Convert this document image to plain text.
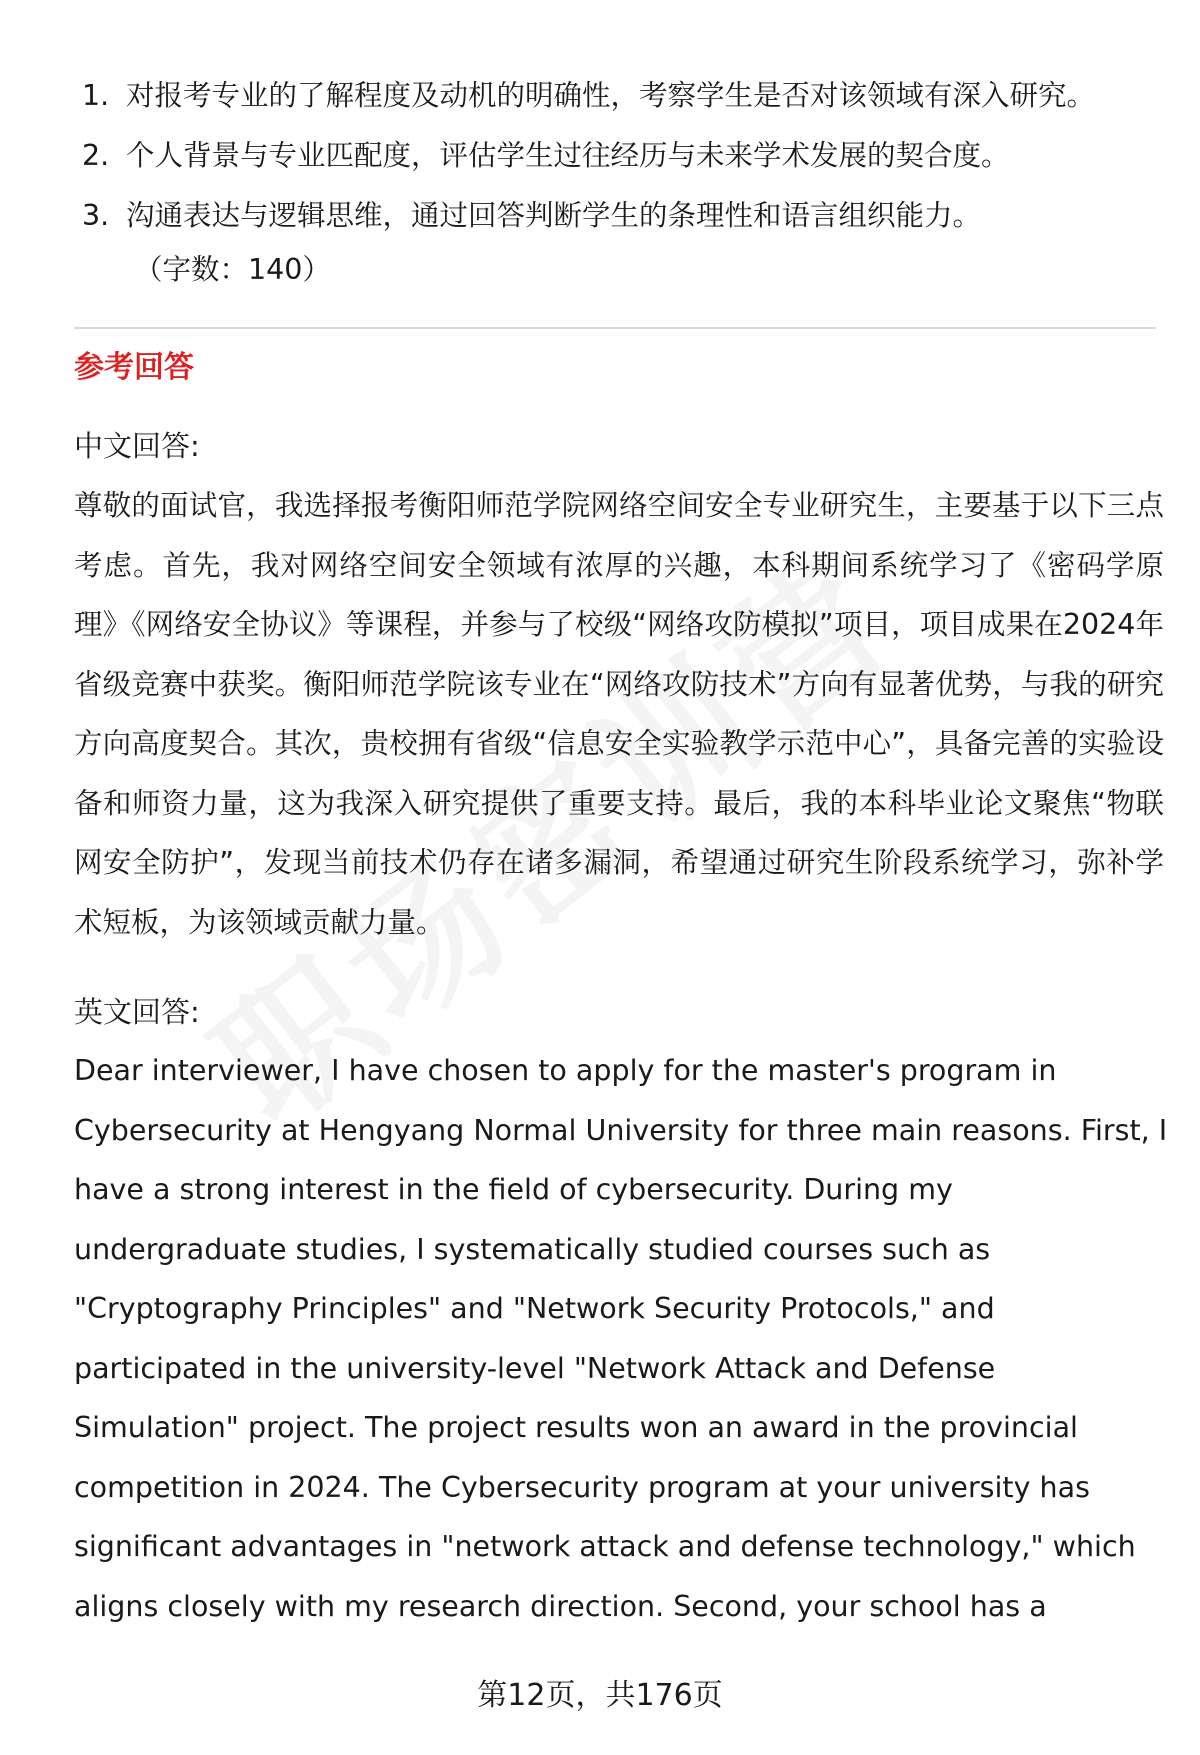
1. 对报考专业的了解程度及动机的明确性，考察学生是否对该领域有深入研究。
2. 个人背景与专业匹配度，评估学生过往经历与未来学术发展的契合度。
3. 沟通表达与逻辑思维，通过回答判断学生的条理性和语言组织能力。
（字数：140）
参考回答
中文回答:
尊敬的面试官，我选择报考衡阳师范学院网络空间安全专业研究生，主要基于以下三点考虑。首先，我对网络空间安全领域有浓厚的兴趣，本科期间系统学习了《密码学原理》《网络安全协议》等课程，并参与了校级“网络攻防模拟”项目，项目成果在2024年省级竞赛中获奖。衡阳师范学院该专业在“网络攻防技术”方向有显著优势，与我的研究方向高度契合。其次，贵校拥有省级“信息安全实验教学示范中心”，具备完善的实验设备和师资力量，这为我深入研究提供了重要支持。最后，我的本科毕业论文聚焦“物联网安全防护”，发现当前技术仍存在诸多漏洞，希望通过研究生阶段系统学习，弥补学术短板，为该领域贡献力量。
英文回答:
Dear interviewer, I have chosen to apply for the master's program in
Cybersecurity at Hengyang Normal University for three main reasons. First, I
have a strong interest in the field of cybersecurity. During my
undergraduate studies, I systematically studied courses such as
"Cryptography Principles" and "Network Security Protocols," and
participated in the university-level "Network Attack and Defense
Simulation" project. The project results won an award in the provincial
competition in 2024. The Cybersecurity program at your university has
significant advantages in "network attack and defense technology," which
aligns closely with my research direction. Second, your school has a
第12页，共176页
